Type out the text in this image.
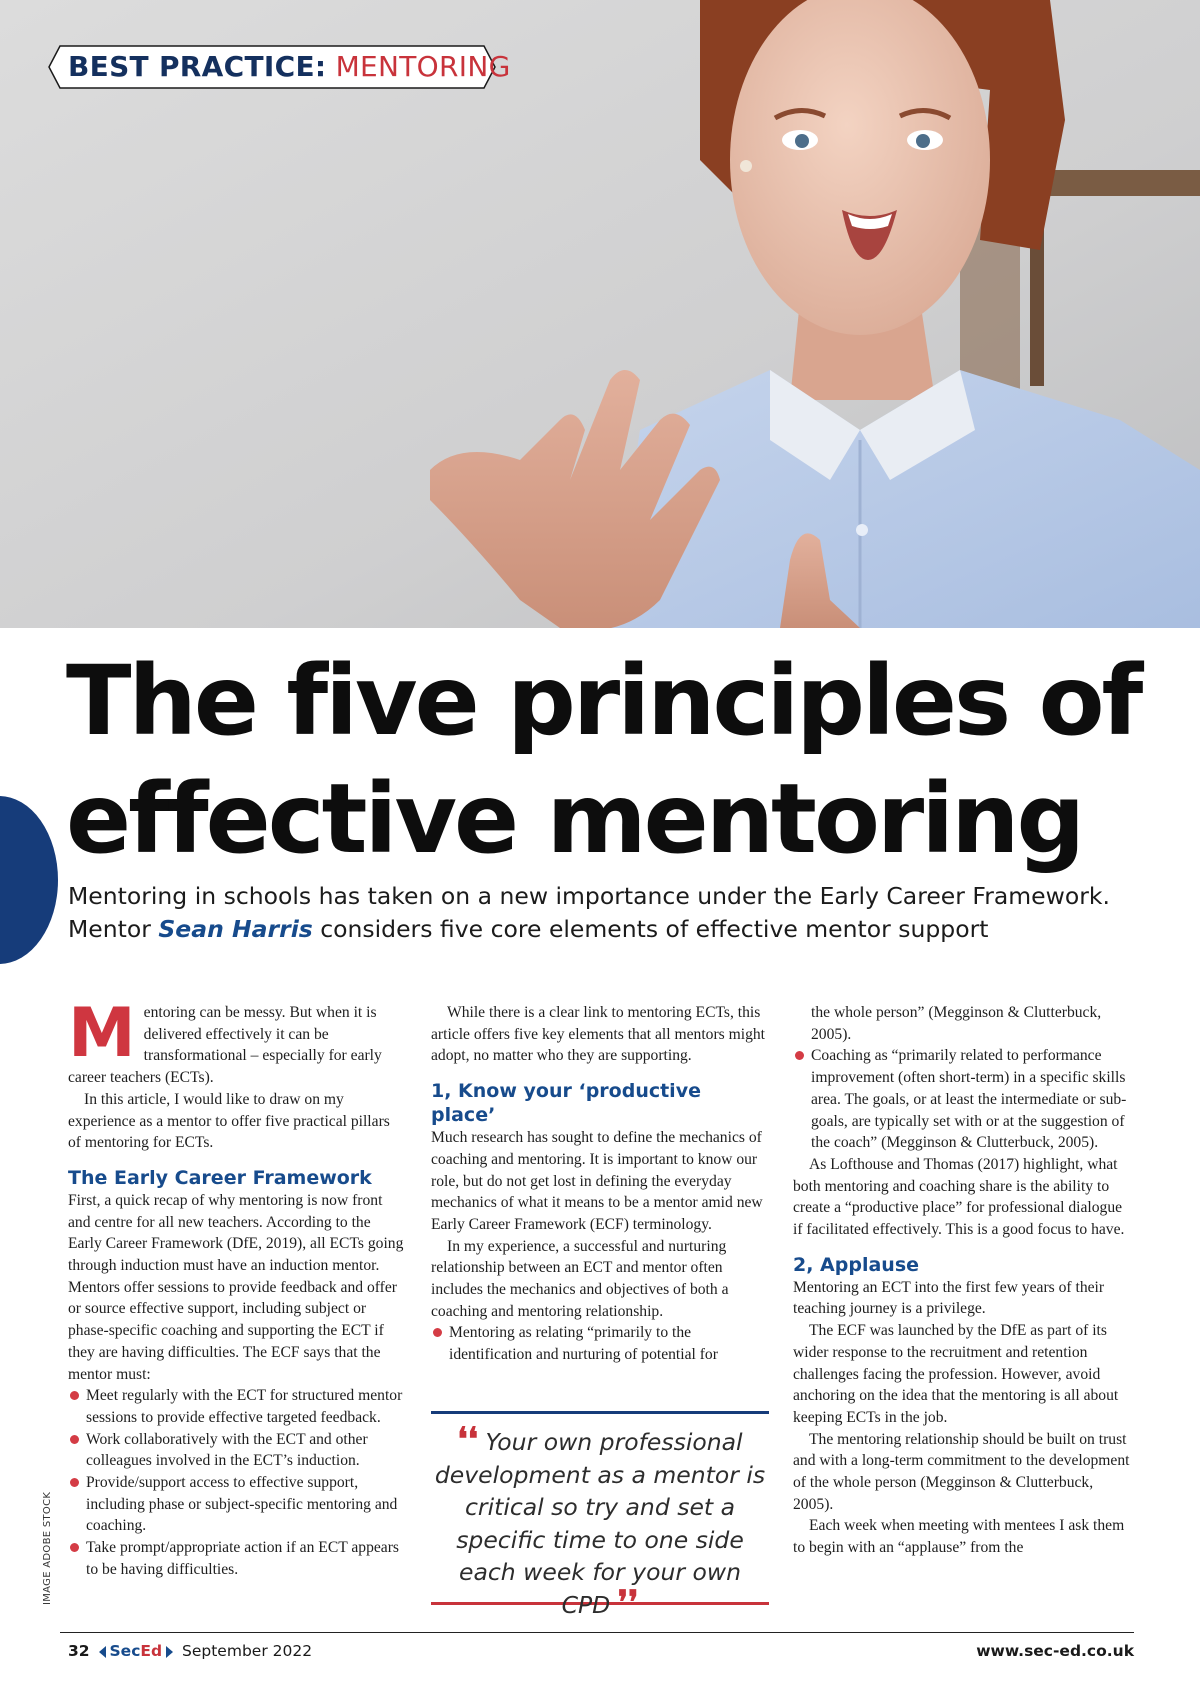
BEST PRACTICE: MENTORING
The five principles of
effective mentoring
Mentoring in schools has taken on a new importance under the Early Career Framework.
Mentor Sean Harris considers five core elements of effective mentor support

Mentoring can be messy. But when it is delivered effectively it can be transformational – especially for early career teachers (ECTs).

In this article, I would like to draw on my experience as a mentor to offer five practical pillars of mentoring for ECTs.

The Early Career Framework

First, a quick recap of why mentoring is now front and centre for all new teachers. According to the Early Career Framework (DfE, 2019), all ECTs going through induction must have an induction mentor. Mentors offer sessions to provide feedback and offer or source effective support, including subject or phase-specific coaching and supporting the ECT if they are having difficulties. The ECF says that the mentor must:

Meet regularly with the ECT for structured mentor sessions to provide effective targeted feedback.
Work collaboratively with the ECT and other colleagues involved in the ECT’s induction.
Provide/support access to effective support, including phase or subject-specific mentoring and coaching.
Take prompt/appropriate action if an ECT appears to be having difficulties.

While there is a clear link to mentoring ECTs, this article offers five key elements that all mentors might adopt, no matter who they are supporting.

1, Know your ‘productive place’

Much research has sought to define the mechanics of coaching and mentoring. It is important to know our role, but do not get lost in defining the everyday mechanics of what it means to be a mentor amid new Early Career Framework (ECF) terminology.

In my experience, a successful and nurturing relationship between an ECT and mentor often includes the mechanics and objectives of both a coaching and mentoring relationship.

Mentoring as relating “primarily to the identification and nurturing of potential for
❛❛ Your own professional development as a mentor is critical so try and set a specific time to one side each week for your own CPD ❜❜

the whole person” (Megginson & Clutterbuck, 2005).

Coaching as “primarily related to performance improvement (often short-term) in a specific skills area. The goals, or at least the intermediate or sub-goals, are typically set with or at the suggestion of the coach” (Megginson & Clutterbuck, 2005).

As Lofthouse and Thomas (2017) highlight, what both mentoring and coaching share is the ability to create a “productive place” for professional dialogue if facilitated effectively. This is a good focus to have.

2, Applause

Mentoring an ECT into the first few years of their teaching journey is a privilege.

The ECF was launched by the DfE as part of its wider response to the recruitment and retention challenges facing the profession. However, avoid anchoring on the idea that the mentoring is all about keeping ECTs in the job.

The mentoring relationship should be built on trust and with a long-term commitment to the development of the whole person (Megginson & Clutterbuck, 2005).

Each week when meeting with mentees I ask them to begin with an “applause” from the

IMAGE ADOBE STOCK
32 SecEd September 2022	www.sec-ed.co.uk
